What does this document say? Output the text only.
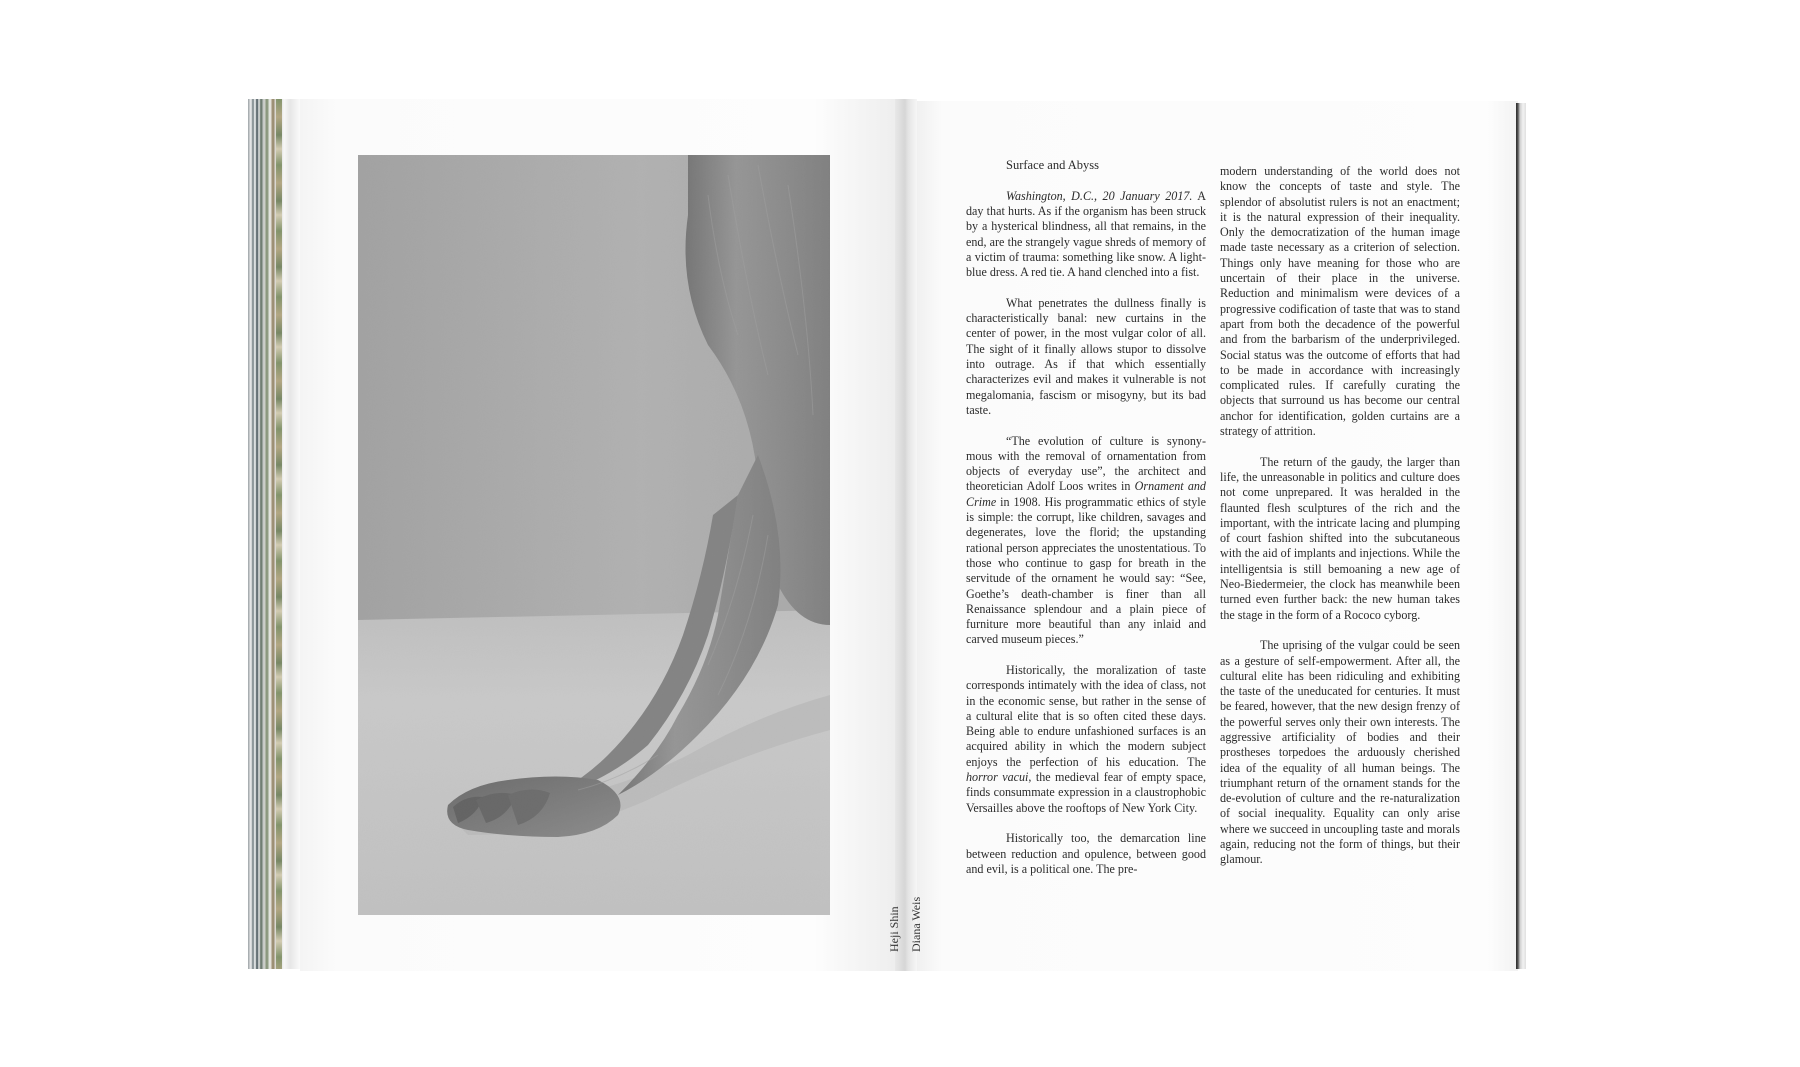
Heji Shin Diana Weis
Surface and Abyss

Washington, D.C., 20 January 2017. A day that hurts. As if the organism has been struck by a hysterical blindness, all that remains, in the end, are the strangely vague shreds of memory of a victim of trauma: something like snow. A light-blue dress. A red tie. A hand clenched into a fist.

What penetrates the dullness finally is characteristically banal: new curtains in the center of power, in the most vulgar color of all. The sight of it finally allows stupor to dissolve into outrage. As if that which essentially characterizes evil and makes it vulnerable is not megalomania, fascism or misogyny, but its bad taste.

“The evolution of culture is synony-mous with the removal of ornamentation from objects of everyday use”, the architect and theoretician Adolf Loos writes in Ornament and Crime in 1908. His programmatic ethics of style is simple: the corrupt, like children, savages and degenerates, love the florid; the upstanding rational person appreciates the unostentatious. To those who continue to gasp for breath in the servitude of the ornament he would say: “See, Goethe’s death-chamber is finer than all Renaissance splendour and a plain piece of furniture more beautiful than any inlaid and carved museum pieces.”

Historically, the moralization of taste corresponds intimately with the idea of class, not in the economic sense, but rather in the sense of a cultural elite that is so often cited these days. Being able to endure unfashioned surfaces is an acquired ability in which the modern subject enjoys the perfection of his education. The horror vacui, the medieval fear of empty space, finds consummate expression in a claustrophobic Versailles above the rooftops of New York City.

Historically too, the demarcation line between reduction and opulence, between good and evil, is a political one. The pre-

modern understanding of the world does not know the concepts of taste and style. The splendor of absolutist rulers is not an enactment; it is the natural expression of their inequality. Only the democratization of the human image made taste necessary as a criterion of selection. Things only have meaning for those who are uncertain of their place in the universe. Reduction and minimalism were devices of a progressive codification of taste that was to stand apart from both the decadence of the powerful and from the barbarism of the underprivileged. Social status was the outcome of efforts that had to be made in accordance with increasingly complicated rules. If carefully curating the objects that surround us has become our central anchor for identification, golden curtains are a strategy of attrition.

The return of the gaudy, the larger than life, the unreasonable in politics and culture does not come unprepared. It was heralded in the flaunted flesh sculptures of the rich and the important, with the intricate lacing and plumping of court fashion shifted into the subcutaneous with the aid of implants and injections. While the intelligentsia is still bemoaning a new age of Neo-Biedermeier, the clock has meanwhile been turned even further back: the new human takes the stage in the form of a Rococo cyborg.

The uprising of the vulgar could be seen as a gesture of self-empowerment. After all, the cultural elite has been ridiculing and exhibiting the taste of the uneducated for centuries. It must be feared, however, that the new design frenzy of the powerful serves only their own interests. The aggressive artificiality of bodies and their prostheses torpedoes the arduously cherished idea of the equality of all human beings. The triumphant return of the ornament stands for the de-evolution of culture and the re-naturalization of social inequality. Equality can only arise where we succeed in uncoupling taste and morals again, reducing not the form of things, but their glamour.
